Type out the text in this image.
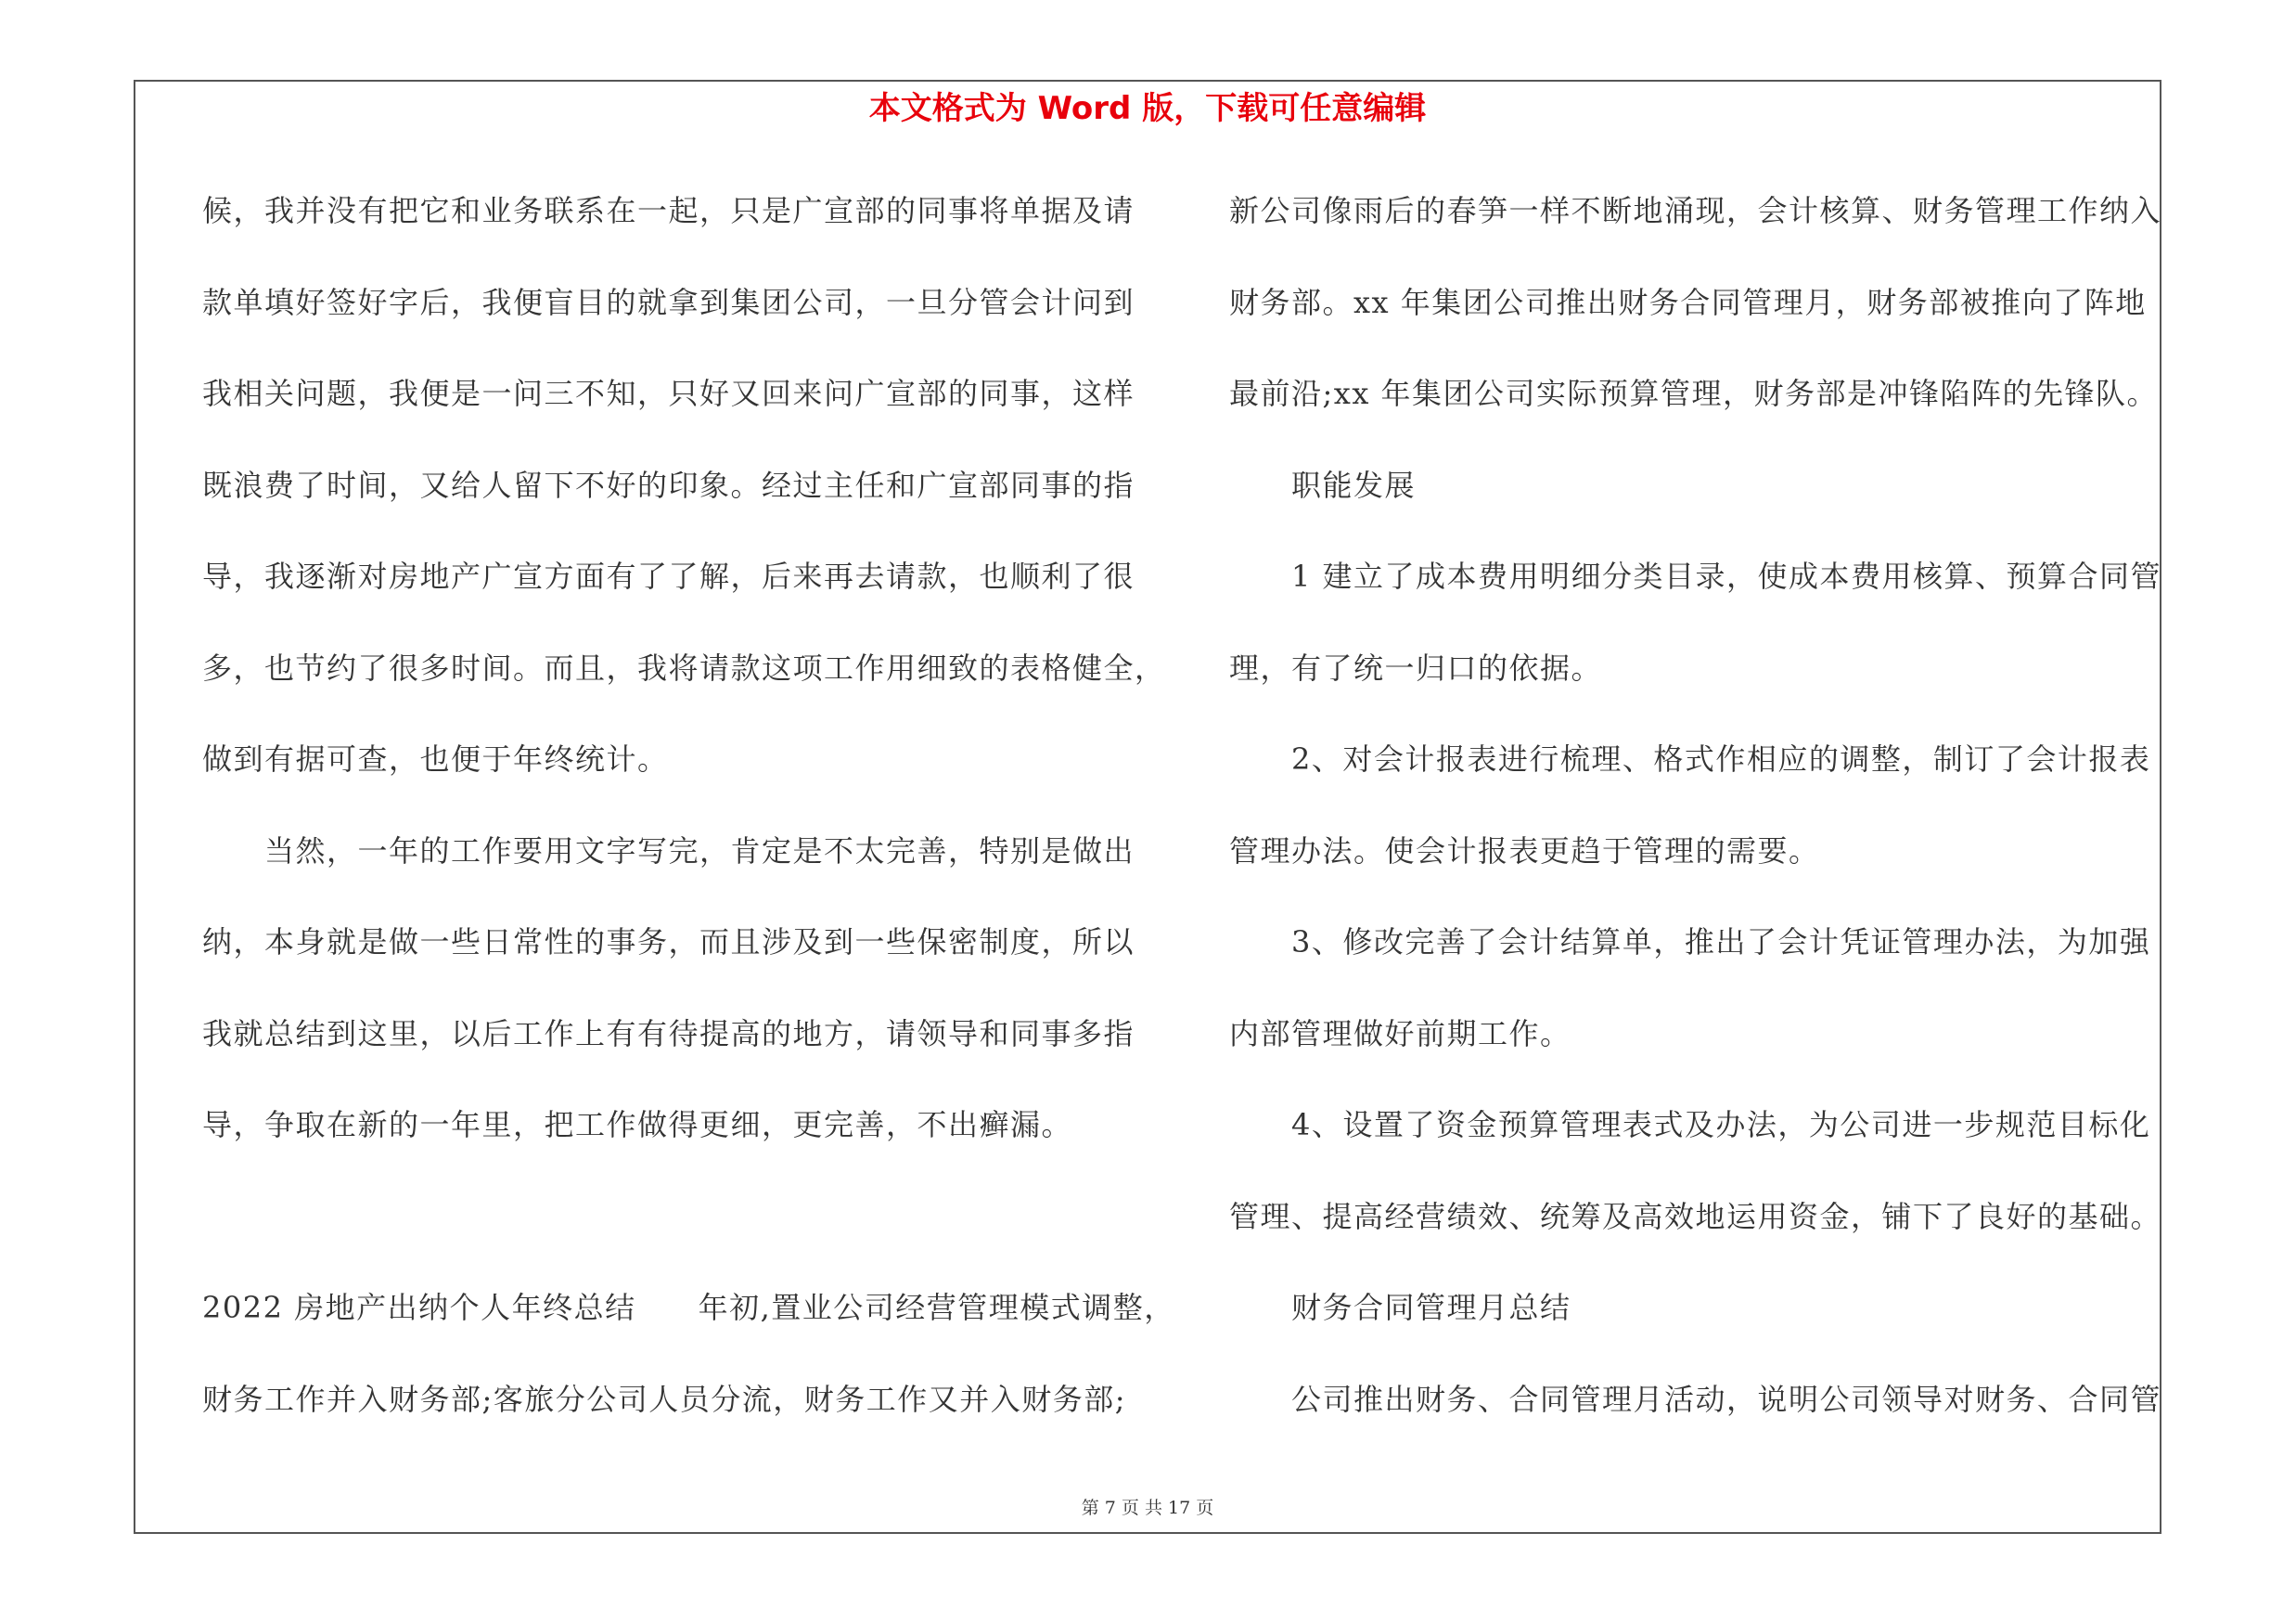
本文格式为 Word 版，下载可任意编辑
候，我并没有把它和业务联系在一起，只是广宣部的同事将单据及请
款单填好签好字后，我便盲目的就拿到集团公司，一旦分管会计问到
我相关问题，我便是一问三不知，只好又回来问广宣部的同事，这样
既浪费了时间，又给人留下不好的印象。经过主任和广宣部同事的指
导，我逐渐对房地产广宣方面有了了解，后来再去请款，也顺利了很
多，也节约了很多时间。而且，我将请款这项工作用细致的表格健全，
做到有据可查，也便于年终统计。
　　当然，一年的工作要用文字写完，肯定是不太完善，特别是做出
纳，本身就是做一些日常性的事务，而且涉及到一些保密制度，所以
我就总结到这里，以后工作上有有待提高的地方，请领导和同事多指
导，争取在新的一年里，把工作做得更细，更完善，不出癣漏。
2022 房地产出纳个人年终总结　　年初,置业公司经营管理模式调整，
财务工作并入财务部;客旅分公司人员分流，财务工作又并入财务部;
新公司像雨后的春笋一样不断地涌现，会计核算、财务管理工作纳入
财务部。xx 年集团公司推出财务合同管理月，财务部被推向了阵地
最前沿;xx 年集团公司实际预算管理，财务部是冲锋陷阵的先锋队。
　　职能发展
　　1 建立了成本费用明细分类目录，使成本费用核算、预算合同管
理，有了统一归口的依据。
　　2、对会计报表进行梳理、格式作相应的调整，制订了会计报表
管理办法。使会计报表更趋于管理的需要。
　　3、修改完善了会计结算单，推出了会计凭证管理办法，为加强
内部管理做好前期工作。
　　4、设置了资金预算管理表式及办法，为公司进一步规范目标化
管理、提高经营绩效、统筹及高效地运用资金，铺下了良好的基础。
　　财务合同管理月总结
　　公司推出财务、合同管理月活动，说明公司领导对财务、合同管
第 7 页 共 17 页
